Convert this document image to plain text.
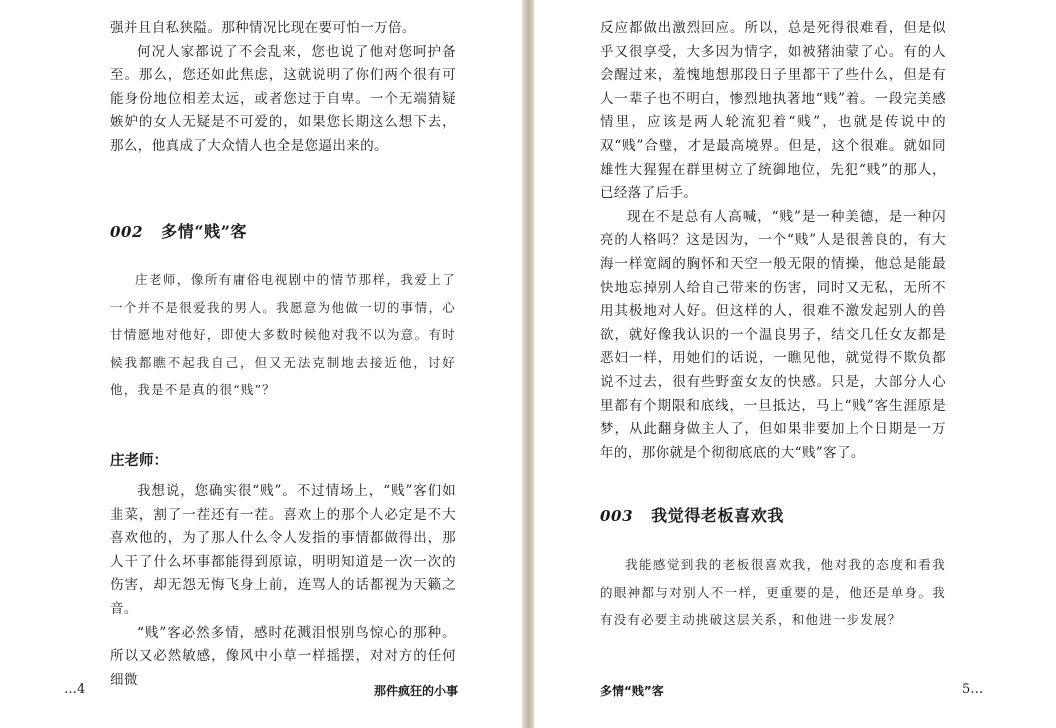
强并且自私狭隘。那种情况比现在要可怕一万倍。

何况人家都说了不会乱来，您也说了他对您呵护备至。那么，您还如此焦虑，这就说明了你们两个很有可能身份地位相差太远，或者您过于自卑。一个无端猜疑嫉妒的女人无疑是不可爱的，如果您长期这么想下去，那么，他真成了大众情人也全是您逼出来的。

002 多情“贱”客

庄老师，像所有庸俗电视剧中的情节那样，我爱上了一个并不是很爱我的男人。我愿意为他做一切的事情，心甘情愿地对他好，即使大多数时候他对我不以为意。有时候我都瞧不起我自己，但又无法克制地去接近他，讨好他，我是不是真的很“贱”？

庄老师：

我想说，您确实很“贱”。不过情场上，“贱”客们如韭菜，割了一茬还有一茬。喜欢上的那个人必定是不大喜欢他的，为了那人什么令人发指的事情都做得出，那人干了什么坏事都能得到原谅，明明知道是一次一次的伤害，却无怨无悔飞身上前，连骂人的话都视为天籁之音。

“贱”客必然多情，感时花溅泪恨别鸟惊心的那种。所以又必然敏感，像风中小草一样摇摆，对对方的任何细微

…4	那件疯狂的小事

反应都做出激烈回应。所以，总是死得很难看，但是似乎又很享受，大多因为情字，如被猪油蒙了心。有的人会醒过来，羞愧地想那段日子里都干了些什么，但是有人一辈子也不明白，惨烈地执著地“贱”着。一段完美感情里，应该是两人轮流犯着“贱”，也就是传说中的双“贱”合璧，才是最高境界。但是，这个很难。就如同雄性大猩猩在群里树立了统御地位，先犯“贱”的那人，已经落了后手。

现在不是总有人高喊，“贱”是一种美德，是一种闪亮的人格吗？这是因为，一个“贱”人是很善良的，有大海一样宽阔的胸怀和天空一般无限的情操，他总是能最快地忘掉别人给自己带来的伤害，同时又无私，无所不用其极地对人好。但这样的人，很难不激发起别人的兽欲，就好像我认识的一个温良男子，结交几任女友都是恶妇一样，用她们的话说，一瞧见他，就觉得不欺负都说不过去，很有些野蛮女友的快感。只是，大部分人心里都有个期限和底线，一旦抵达，马上“贱”客生涯原是梦，从此翻身做主人了，但如果非要加上个日期是一万年的，那你就是个彻彻底底的大“贱”客了。

003 我觉得老板喜欢我

我能感觉到我的老板很喜欢我，他对我的态度和看我的眼神都与对别人不一样，更重要的是，他还是单身。我有没有必要主动挑破这层关系，和他进一步发展？

多情“贱”客	5…
